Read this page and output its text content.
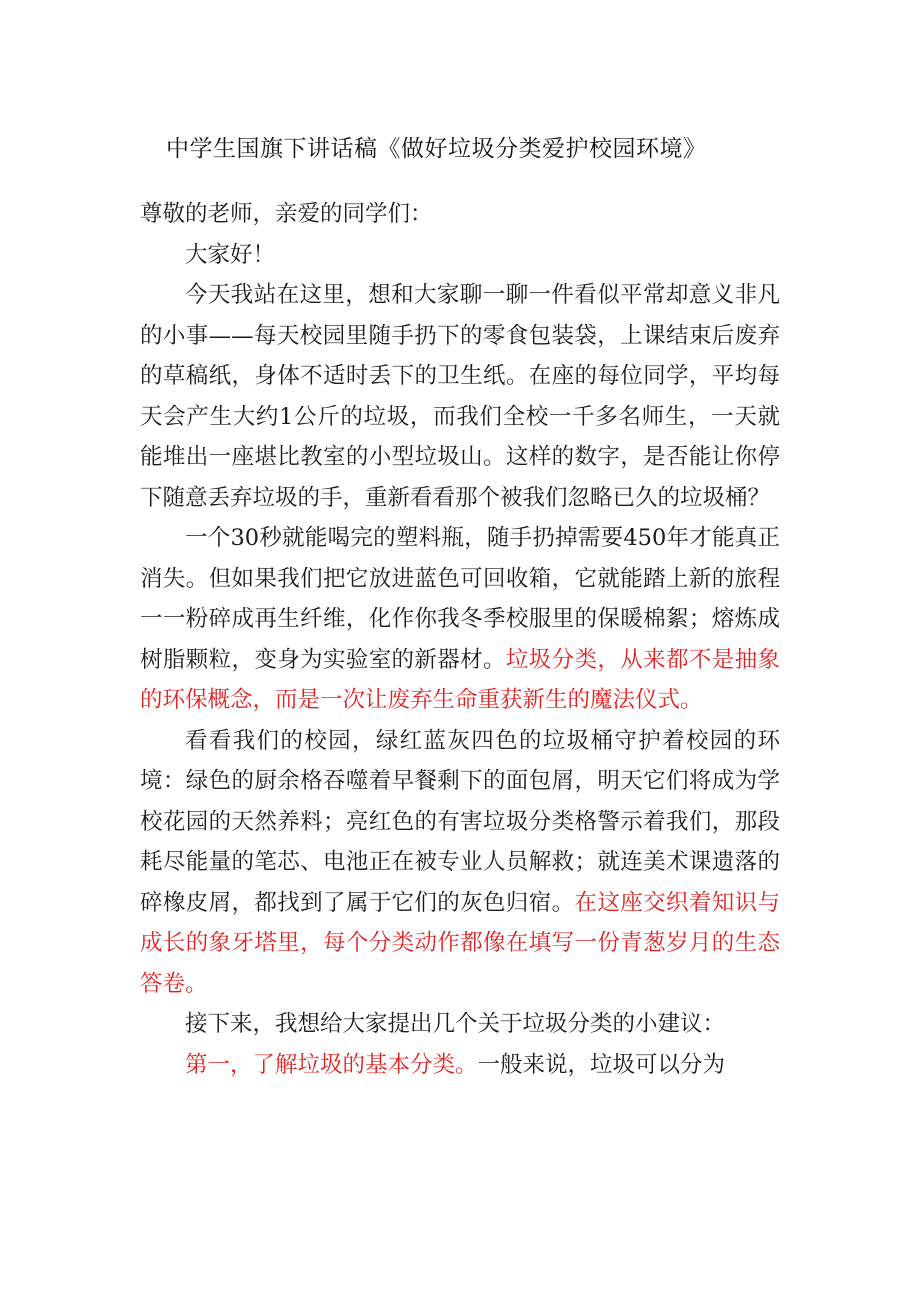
中学生国旗下讲话稿《做好垃圾分类爱护校园环境》

尊敬的老师，亲爱的同学们：

大家好！

今天我站在这里，想和大家聊一聊一件看似平常却意义非凡的小事——每天校园里随手扔下的零食包装袋，上课结束后废弃的草稿纸，身体不适时丢下的卫生纸。在座的每位同学，平均每天会产生大约1公斤的垃圾，而我们全校一千多名师生，一天就能堆出一座堪比教室的小型垃圾山。这样的数字，是否能让你停下随意丢弃垃圾的手，重新看看那个被我们忽略已久的垃圾桶？

一个30秒就能喝完的塑料瓶，随手扔掉需要450年才能真正消失。但如果我们把它放进蓝色可回收箱，它就能踏上新的旅程一一粉碎成再生纤维，化作你我冬季校服里的保暖棉絮；熔炼成树脂颗粒，变身为实验室的新器材。垃圾分类，从来都不是抽象的环保概念，而是一次让废弃生命重获新生的魔法仪式。

看看我们的校园，绿红蓝灰四色的垃圾桶守护着校园的环境：绿色的厨余格吞噬着早餐剩下的面包屑，明天它们将成为学校花园的天然养料；亮红色的有害垃圾分类格警示着我们，那段耗尽能量的笔芯、电池正在被专业人员解救；就连美术课遗落的碎橡皮屑，都找到了属于它们的灰色归宿。在这座交织着知识与成长的象牙塔里，每个分类动作都像在填写一份青葱岁月的生态答卷。

接下来，我想给大家提出几个关于垃圾分类的小建议：

第一，了解垃圾的基本分类。一般来说，垃圾可以分为
